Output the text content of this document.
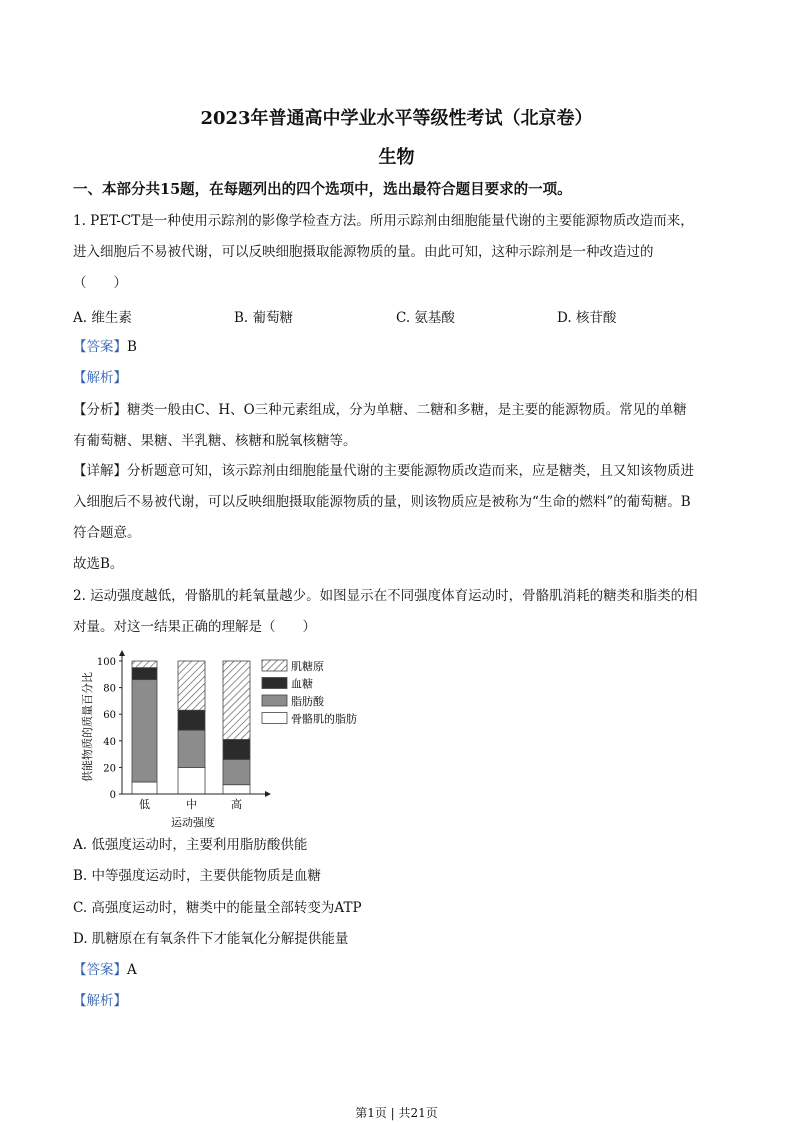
2023年普通高中学业水平等级性考试（北京卷）
生物
一、本部分共15题，在每题列出的四个选项中，选出最符合题目要求的一项。
1. PET-CT是一种使用示踪剂的影像学检查方法。所用示踪剂由细胞能量代谢的主要能源物质改造而来，
进入细胞后不易被代谢，可以反映细胞摄取能源物质的量。由此可知，这种示踪剂是一种改造过的
（　　）
A. 维生素	B. 葡萄糖	C. 氨基酸	D. 核苷酸
【答案】B
【解析】
【分析】糖类一般由C、H、O三种元素组成，分为单糖、二糖和多糖，是主要的能源物质。常见的单糖
有葡萄糖、果糖、半乳糖、核糖和脱氧核糖等。
【详解】分析题意可知，该示踪剂由细胞能量代谢的主要能源物质改造而来，应是糖类，且又知该物质进
入细胞后不易被代谢，可以反映细胞摄取能源物质的量，则该物质应是被称为“生命的燃料”的葡萄糖。B
符合题意。
故选B。
2. 运动强度越低，骨骼肌的耗氧量越少。如图显示在不同强度体育运动时，骨骼肌消耗的糖类和脂类的相
对量。对这一结果正确的理解是（　　）
0
20
40
60
80
100
低	中	高
肌糖原
血糖
脂肪酸
骨骼肌的脂肪
运动强度
供能物质的质量百分比
A. 低强度运动时，主要利用脂肪酸供能
B. 中等强度运动时，主要供能物质是血糖
C. 高强度运动时，糖类中的能量全部转变为ATP
D. 肌糖原在有氧条件下才能氧化分解提供能量
【答案】A
【解析】
第1页 | 共21页
